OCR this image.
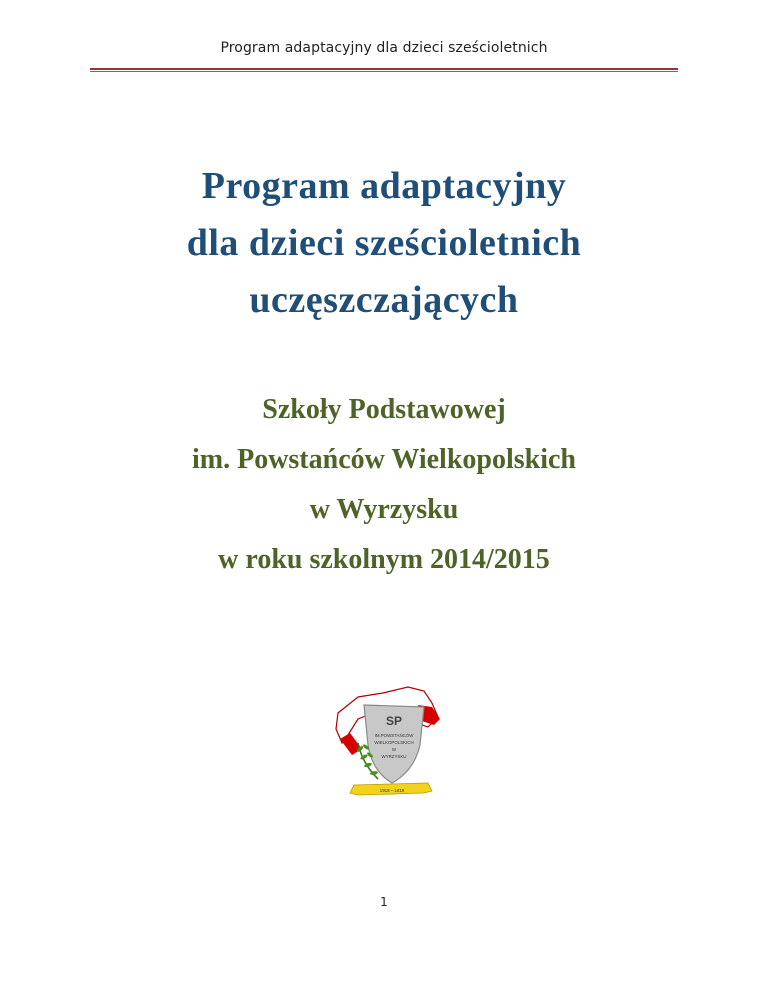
Program adaptacyjny dla dzieci sześcioletnich
Program adaptacyjny
dla dzieci sześcioletnich
uczęszczających
Szkoły Podstawowej
im. Powstańców Wielkopolskich
w Wyrzysku
w roku szkolnym 2014/2015
SP
IM.POWSTAŃCÓW
WIELKOPOLSKICH
W
WYRZYSKU
1918 – 1919
1
